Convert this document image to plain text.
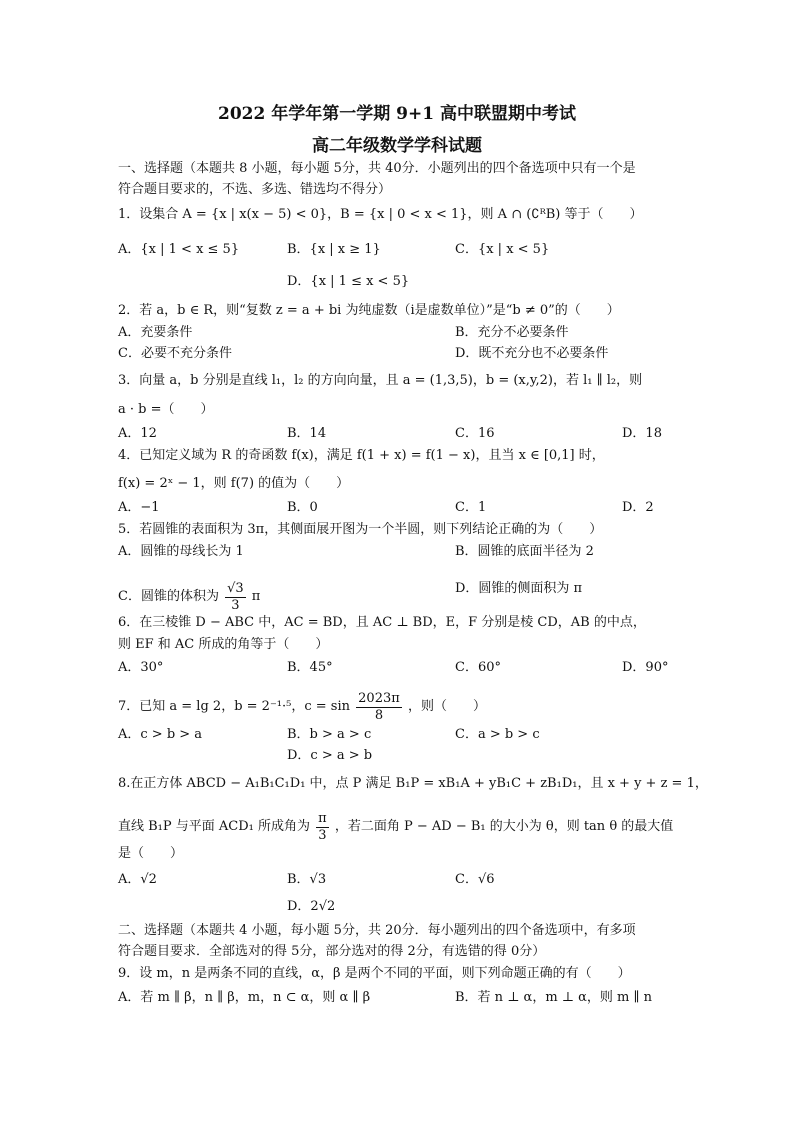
2022 年学年第一学期 9+1 高中联盟期中考试
高二年级数学学科试题
一、选择题（本题共 8 小题，每小题 5分，共 40分．小题列出的四个备选项中只有一个是
符合题目要求的，不选、多选、错选均不得分）
1．设集合 A = {x | x(x − 5) < 0}，B = {x | 0 < x < 1}，则 A ∩ (∁ᴿB) 等于（　　）
A．{x | 1 < x ≤ 5}	B．{x | x ≥ 1}	C．{x | x < 5}
D．{x | 1 ≤ x < 5}
2．若 a，b ∈ R，则“复数 z = a + bi 为纯虚数（i是虚数单位）”是“b ≠ 0”的（　　）
A．充要条件	B．充分不必要条件
C．必要不充分条件	D．既不充分也不必要条件
3．向量 a，b 分别是直线 l₁，l₂ 的方向向量，且 a = (1,3,5)，b = (x,y,2)，若 l₁ ∥ l₂，则
a · b =（　　）
A．12	B．14	C．16	D．18
4．已知定义域为 R 的奇函数 f(x)，满足 f(1 + x) = f(1 − x)，且当 x ∈ [0,1] 时，
f(x) = 2ˣ − 1，则 f(7) 的值为（　　）
A．−1	B．0	C．1	D．2
5．若圆锥的表面积为 3π，其侧面展开图为一个半圆，则下列结论正确的为（　　）
A．圆锥的母线长为 1	B．圆锥的底面半径为 2
C．圆锥的体积为 $\frac{√3}{3}$ π
D．圆锥的侧面积为 π
6．在三棱锥 D − ABC 中，AC = BD，且 AC ⊥ BD，E，F 分别是棱 CD，AB 的中点，
则 EF 和 AC 所成的角等于（　　）
A．30°	B．45°	C．60°	D．90°
7．已知 a = lg 2，b = 2⁻¹·⁵，$c = \sin \frac{2023\pi}{8}$ ，则（　　）
A．c > b > a	B．b > a > c	C．a > b > c
D．c > a > b
8.在正方体 ABCD − A₁B₁C₁D₁ 中，点 P 满足 B₁P = xB₁A + yB₁C + zB₁D₁，且 x + y + z = 1，
直线 B₁P 与平面 ACD₁ 所成角为 $\frac{\pi}{3}$ ，若二面角 P − AD − B₁ 的大小为 θ，则 tan θ 的最大值
是（　　）
A．√2	B．√3	C．√6
D．2√2
二、选择题（本题共 4 小题，每小题 5分，共 20分．每小题列出的四个备选项中，有多项
符合题目要求．全部选对的得 5分，部分选对的得 2分，有选错的得 0分）
9．设 m，n 是两条不同的直线，α，β 是两个不同的平面，则下列命题正确的有（　　）
A．若 m ∥ β，n ∥ β，m，n ⊂ α，则 α ∥ β	B．若 n ⊥ α，m ⊥ α，则 m ∥ n
